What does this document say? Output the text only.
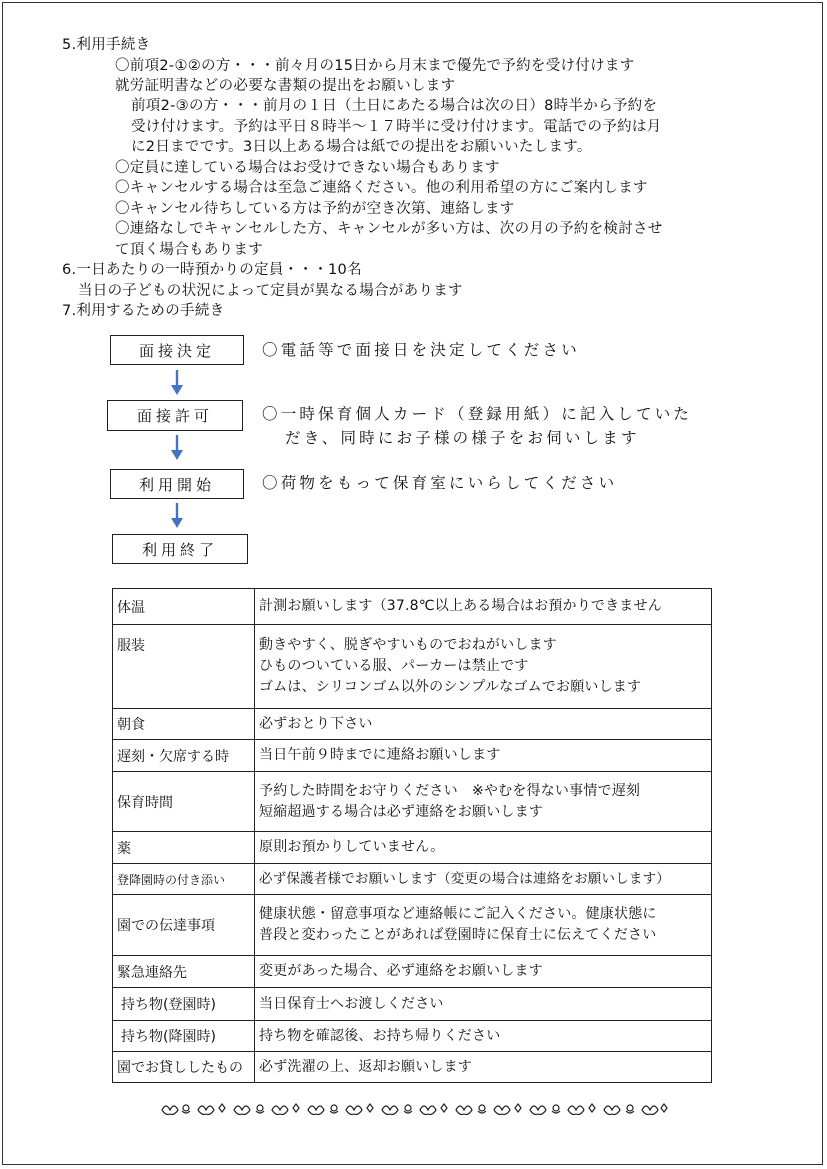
5.利用手続き
〇前項2-①②の方・・・前々月の15日から月末まで優先で予約を受け付けます
就労証明書などの必要な書類の提出をお願いします
前項2-③の方・・・前月の１日（土日にあたる場合は次の日）8時半から予約を
受け付けます。予約は平日８時半～１７時半に受け付けます。電話での予約は月
に2日までです。3日以上ある場合は紙での提出をお願いいたします。
〇定員に達している場合はお受けできない場合もあります
〇キャンセルする場合は至急ご連絡ください。他の利用希望の方にご案内します
〇キャンセル待ちしている方は予約が空き次第、連絡します
〇連絡なしでキャンセルした方、キャンセルが多い方は、次の月の予約を検討させ
て頂く場合もあります
6.一日あたりの一時預かりの定員・・・10名
当日の子どもの状況によって定員が異なる場合があります
7.利用するための手続き
面接決定	〇電話等で面接日を決定してください
面接許可	〇一時保育個人カード（登録用紙）に記入していた
だき、同時にお子様の様子をお伺いします
利用開始	〇荷物をもって保育室にいらしてください
利用終了
体温	計測お願いします（37.8℃以上ある場合はお預かりできません

服装	動きやすく、脱ぎやすいものでおねがいします
ひものついている服、パーカーは禁止です
ゴムは、シリコンゴム以外のシンプルなゴムでお願いします

朝食	必ずおとり下さい

遅刻・欠席する時	当日午前９時までに連絡お願いします

保育時間	予約した時間をお守りください　※やむを得ない事情で遅刻
短縮超過する場合は必ず連絡をお願いします

薬	原則お預かりしていません。

登降園時の付き添い	必ず保護者様でお願いします（変更の場合は連絡をお願いします）

園での伝達事項	健康状態・留意事項など連絡帳にご記入ください。健康状態に
普段と変わったことがあれば登園時に保育士に伝えてください

緊急連絡先	変更があった場合、必ず連絡をお願いします

持ち物(登園時)	当日保育士へお渡しください

持ち物(降園時)	持ち物を確認後、お持ち帰りください

園でお貸ししたもの	必ず洗濯の上、返却お願いします
